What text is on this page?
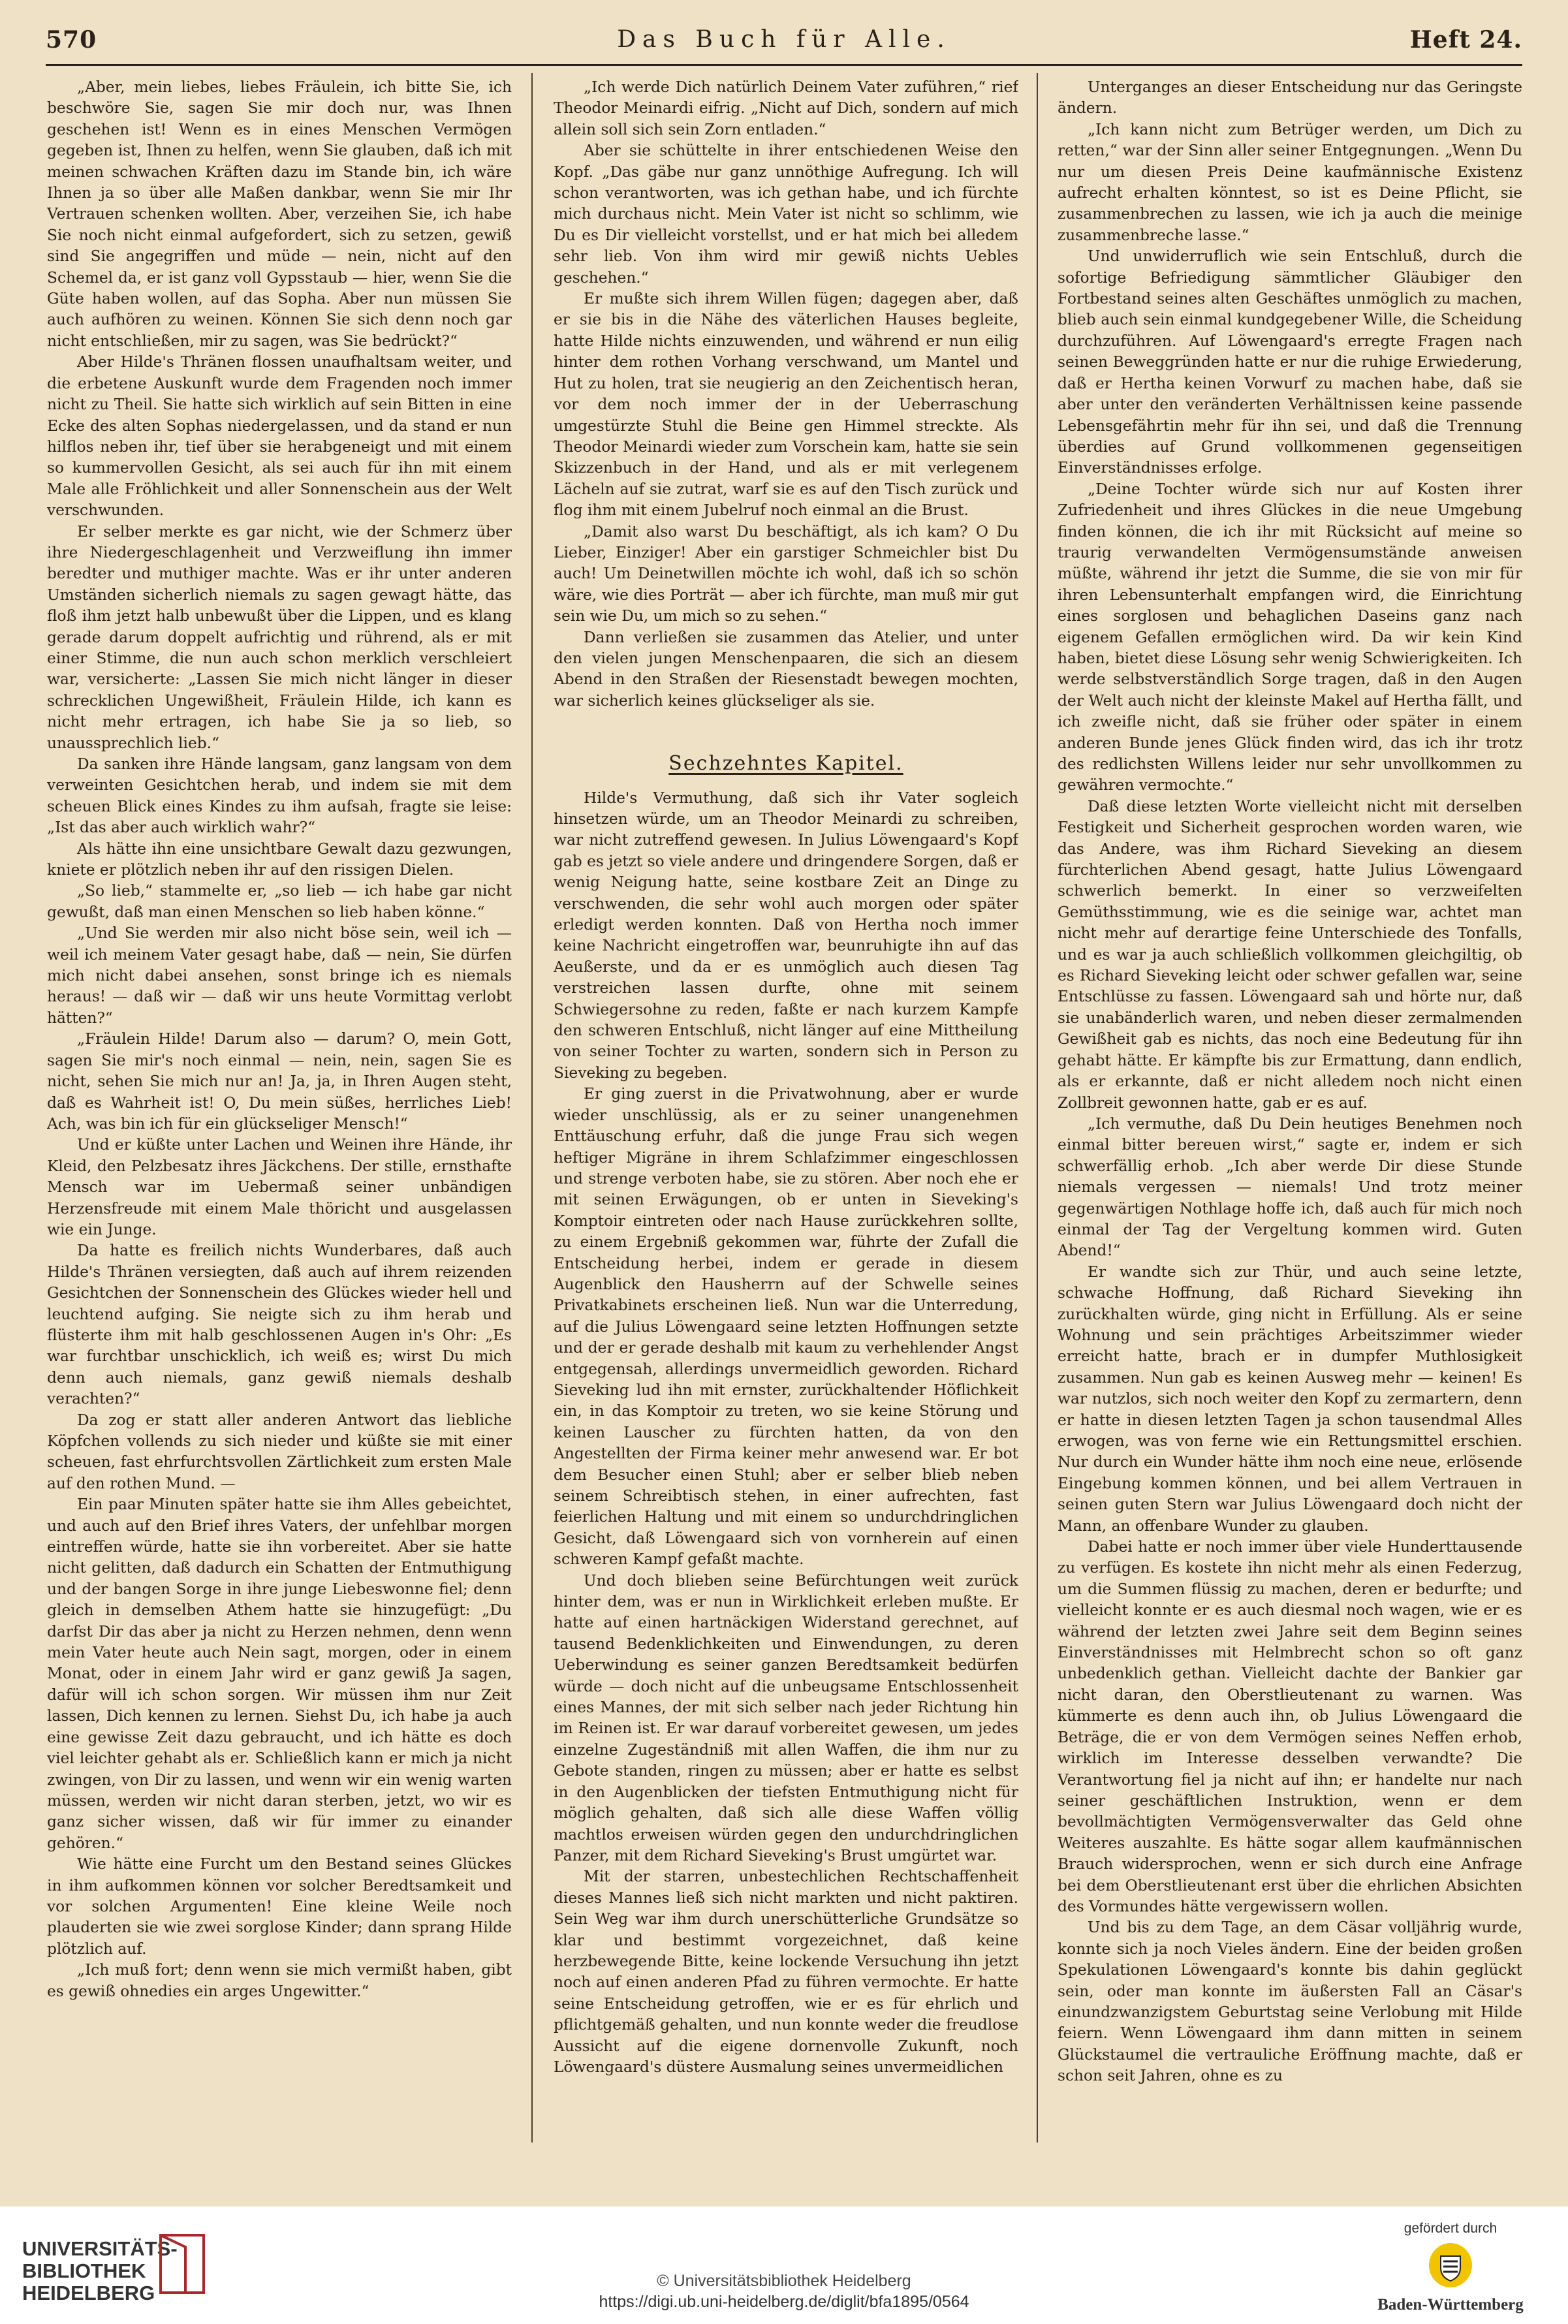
570	Das Buch für Alle.	Heft 24.

„Aber, mein liebes, liebes Fräulein, ich bitte Sie, ich beschwöre Sie, sagen Sie mir doch nur, was Ihnen geschehen ist! Wenn es in eines Menschen Vermögen gegeben ist, Ihnen zu helfen, wenn Sie glauben, daß ich mit meinen schwachen Kräften dazu im Stande bin, ich wäre Ihnen ja so über alle Maßen dankbar, wenn Sie mir Ihr Vertrauen schenken wollten. Aber, verzeihen Sie, ich habe Sie noch nicht einmal aufgefordert, sich zu setzen, gewiß sind Sie angegriffen und müde — nein, nicht auf den Schemel da, er ist ganz voll Gypsstaub — hier, wenn Sie die Güte haben wollen, auf das Sopha. Aber nun müssen Sie auch aufhören zu weinen. Können Sie sich denn noch gar nicht entschließen, mir zu sagen, was Sie bedrückt?“

Aber Hilde's Thränen flossen unaufhaltsam weiter, und die erbetene Auskunft wurde dem Fragenden noch immer nicht zu Theil. Sie hatte sich wirklich auf sein Bitten in eine Ecke des alten Sophas niedergelassen, und da stand er nun hilflos neben ihr, tief über sie herabgeneigt und mit einem so kummervollen Gesicht, als sei auch für ihn mit einem Male alle Fröhlichkeit und aller Sonnenschein aus der Welt verschwunden.

Er selber merkte es gar nicht, wie der Schmerz über ihre Niedergeschlagenheit und Verzweiflung ihn immer beredter und muthiger machte. Was er ihr unter anderen Umständen sicherlich niemals zu sagen gewagt hätte, das floß ihm jetzt halb unbewußt über die Lippen, und es klang gerade darum doppelt aufrichtig und rührend, als er mit einer Stimme, die nun auch schon merklich verschleiert war, versicherte: „Lassen Sie mich nicht länger in dieser schrecklichen Ungewißheit, Fräulein Hilde, ich kann es nicht mehr ertragen, ich habe Sie ja so lieb, so unaussprechlich lieb.“

Da sanken ihre Hände langsam, ganz langsam von dem verweinten Gesichtchen herab, und indem sie mit dem scheuen Blick eines Kindes zu ihm aufsah, fragte sie leise: „Ist das aber auch wirklich wahr?“

Als hätte ihn eine unsichtbare Gewalt dazu gezwungen, kniete er plötzlich neben ihr auf den rissigen Dielen.

„So lieb,“ stammelte er, „so lieb — ich habe gar nicht gewußt, daß man einen Menschen so lieb haben könne.“

„Und Sie werden mir also nicht böse sein, weil ich — weil ich meinem Vater gesagt habe, daß — nein, Sie dürfen mich nicht dabei ansehen, sonst bringe ich es niemals heraus! — daß wir — daß wir uns heute Vormittag verlobt hätten?“

„Fräulein Hilde! Darum also — darum? O, mein Gott, sagen Sie mir's noch einmal — nein, nein, sagen Sie es nicht, sehen Sie mich nur an! Ja, ja, in Ihren Augen steht, daß es Wahrheit ist! O, Du mein süßes, herrliches Lieb! Ach, was bin ich für ein glückseliger Mensch!“

Und er küßte unter Lachen und Weinen ihre Hände, ihr Kleid, den Pelzbesatz ihres Jäckchens. Der stille, ernsthafte Mensch war im Uebermaß seiner unbändigen Herzensfreude mit einem Male thöricht und ausgelassen wie ein Junge.

Da hatte es freilich nichts Wunderbares, daß auch Hilde's Thränen versiegten, daß auch auf ihrem reizenden Gesichtchen der Sonnenschein des Glückes wieder hell und leuchtend aufging. Sie neigte sich zu ihm herab und flüsterte ihm mit halb geschlossenen Augen in's Ohr: „Es war furchtbar unschicklich, ich weiß es; wirst Du mich denn auch niemals, ganz gewiß niemals deshalb verachten?“

Da zog er statt aller anderen Antwort das liebliche Köpfchen vollends zu sich nieder und küßte sie mit einer scheuen, fast ehrfurchtsvollen Zärtlichkeit zum ersten Male auf den rothen Mund. —

Ein paar Minuten später hatte sie ihm Alles gebeichtet, und auch auf den Brief ihres Vaters, der unfehlbar morgen eintreffen würde, hatte sie ihn vorbereitet. Aber sie hatte nicht gelitten, daß dadurch ein Schatten der Entmuthigung und der bangen Sorge in ihre junge Liebeswonne fiel; denn gleich in demselben Athem hatte sie hinzugefügt: „Du darfst Dir das aber ja nicht zu Herzen nehmen, denn wenn mein Vater heute auch Nein sagt, morgen, oder in einem Monat, oder in einem Jahr wird er ganz gewiß Ja sagen, dafür will ich schon sorgen. Wir müssen ihm nur Zeit lassen, Dich kennen zu lernen. Siehst Du, ich habe ja auch eine gewisse Zeit dazu gebraucht, und ich hätte es doch viel leichter gehabt als er. Schließlich kann er mich ja nicht zwingen, von Dir zu lassen, und wenn wir ein wenig warten müssen, werden wir nicht daran sterben, jetzt, wo wir es ganz sicher wissen, daß wir für immer zu einander gehören.“

Wie hätte eine Furcht um den Bestand seines Glückes in ihm aufkommen können vor solcher Beredtsamkeit und vor solchen Argumenten! Eine kleine Weile noch plauderten sie wie zwei sorglose Kinder; dann sprang Hilde plötzlich auf.

„Ich muß fort; denn wenn sie mich vermißt haben, gibt es gewiß ohnedies ein arges Ungewitter.“

„Ich werde Dich natürlich Deinem Vater zuführen,“ rief Theodor Meinardi eifrig. „Nicht auf Dich, sondern auf mich allein soll sich sein Zorn entladen.“

Aber sie schüttelte in ihrer entschiedenen Weise den Kopf. „Das gäbe nur ganz unnöthige Aufregung. Ich will schon verantworten, was ich gethan habe, und ich fürchte mich durchaus nicht. Mein Vater ist nicht so schlimm, wie Du es Dir vielleicht vorstellst, und er hat mich bei alledem sehr lieb. Von ihm wird mir gewiß nichts Uebles geschehen.“

Er mußte sich ihrem Willen fügen; dagegen aber, daß er sie bis in die Nähe des väterlichen Hauses begleite, hatte Hilde nichts einzuwenden, und während er nun eilig hinter dem rothen Vorhang verschwand, um Mantel und Hut zu holen, trat sie neugierig an den Zeichentisch heran, vor dem noch immer der in der Ueberraschung umgestürzte Stuhl die Beine gen Himmel streckte. Als Theodor Meinardi wieder zum Vorschein kam, hatte sie sein Skizzenbuch in der Hand, und als er mit verlegenem Lächeln auf sie zutrat, warf sie es auf den Tisch zurück und flog ihm mit einem Jubelruf noch einmal an die Brust.

„Damit also warst Du beschäftigt, als ich kam? O Du Lieber, Einziger! Aber ein garstiger Schmeichler bist Du auch! Um Deinetwillen möchte ich wohl, daß ich so schön wäre, wie dies Porträt — aber ich fürchte, man muß mir gut sein wie Du, um mich so zu sehen.“

Dann verließen sie zusammen das Atelier, und unter den vielen jungen Menschenpaaren, die sich an diesem Abend in den Straßen der Riesenstadt bewegen mochten, war sicherlich keines glückseliger als sie.

Sechzehntes Kapitel.

Hilde's Vermuthung, daß sich ihr Vater sogleich hinsetzen würde, um an Theodor Meinardi zu schreiben, war nicht zutreffend gewesen. In Julius Löwengaard's Kopf gab es jetzt so viele andere und dringendere Sorgen, daß er wenig Neigung hatte, seine kostbare Zeit an Dinge zu verschwenden, die sehr wohl auch morgen oder später erledigt werden konnten. Daß von Hertha noch immer keine Nachricht eingetroffen war, beunruhigte ihn auf das Aeußerste, und da er es unmöglich auch diesen Tag verstreichen lassen durfte, ohne mit seinem Schwiegersohne zu reden, faßte er nach kurzem Kampfe den schweren Entschluß, nicht länger auf eine Mittheilung von seiner Tochter zu warten, sondern sich in Person zu Sieveking zu begeben.

Er ging zuerst in die Privatwohnung, aber er wurde wieder unschlüssig, als er zu seiner unangenehmen Enttäuschung erfuhr, daß die junge Frau sich wegen heftiger Migräne in ihrem Schlafzimmer eingeschlossen und strenge verboten habe, sie zu stören. Aber noch ehe er mit seinen Erwägungen, ob er unten in Sieveking's Komptoir eintreten oder nach Hause zurückkehren sollte, zu einem Ergebniß gekommen war, führte der Zufall die Entscheidung herbei, indem er gerade in diesem Augenblick den Hausherrn auf der Schwelle seines Privatkabinets erscheinen ließ. Nun war die Unterredung, auf die Julius Löwengaard seine letzten Hoffnungen setzte und der er gerade deshalb mit kaum zu verhehlender Angst entgegensah, allerdings unvermeidlich geworden. Richard Sieveking lud ihn mit ernster, zurückhaltender Höflichkeit ein, in das Komptoir zu treten, wo sie keine Störung und keinen Lauscher zu fürchten hatten, da von den Angestellten der Firma keiner mehr anwesend war. Er bot dem Besucher einen Stuhl; aber er selber blieb neben seinem Schreibtisch stehen, in einer aufrechten, fast feierlichen Haltung und mit einem so undurchdringlichen Gesicht, daß Löwengaard sich von vornherein auf einen schweren Kampf gefaßt machte.

Und doch blieben seine Befürchtungen weit zurück hinter dem, was er nun in Wirklichkeit erleben mußte. Er hatte auf einen hartnäckigen Widerstand gerechnet, auf tausend Bedenklichkeiten und Einwendungen, zu deren Ueberwindung es seiner ganzen Beredtsamkeit bedürfen würde — doch nicht auf die unbeugsame Entschlossenheit eines Mannes, der mit sich selber nach jeder Richtung hin im Reinen ist. Er war darauf vorbereitet gewesen, um jedes einzelne Zugeständniß mit allen Waffen, die ihm nur zu Gebote standen, ringen zu müssen; aber er hatte es selbst in den Augenblicken der tiefsten Entmuthigung nicht für möglich gehalten, daß sich alle diese Waffen völlig machtlos erweisen würden gegen den undurchdringlichen Panzer, mit dem Richard Sieveking's Brust umgürtet war.

Mit der starren, unbestechlichen Rechtschaffenheit dieses Mannes ließ sich nicht markten und nicht paktiren. Sein Weg war ihm durch unerschütterliche Grundsätze so klar und bestimmt vorgezeichnet, daß keine herzbewegende Bitte, keine lockende Versuchung ihn jetzt noch auf einen anderen Pfad zu führen vermochte. Er hatte seine Entscheidung getroffen, wie er es für ehrlich und pflichtgemäß gehalten, und nun konnte weder die freudlose Aussicht auf die eigene dornenvolle Zukunft, noch Löwengaard's düstere Ausmalung seines unvermeidlichen

Unterganges an dieser Entscheidung nur das Geringste ändern.

„Ich kann nicht zum Betrüger werden, um Dich zu retten,“ war der Sinn aller seiner Entgegnungen. „Wenn Du nur um diesen Preis Deine kaufmännische Existenz aufrecht erhalten könntest, so ist es Deine Pflicht, sie zusammenbrechen zu lassen, wie ich ja auch die meinige zusammenbreche lasse.“

Und unwiderruflich wie sein Entschluß, durch die sofortige Befriedigung sämmtlicher Gläubiger den Fortbestand seines alten Geschäftes unmöglich zu machen, blieb auch sein einmal kundgegebener Wille, die Scheidung durchzuführen. Auf Löwengaard's erregte Fragen nach seinen Beweggründen hatte er nur die ruhige Erwiederung, daß er Hertha keinen Vorwurf zu machen habe, daß sie aber unter den veränderten Verhältnissen keine passende Lebensgefährtin mehr für ihn sei, und daß die Trennung überdies auf Grund vollkommenen gegenseitigen Einverständnisses erfolge.

„Deine Tochter würde sich nur auf Kosten ihrer Zufriedenheit und ihres Glückes in die neue Umgebung finden können, die ich ihr mit Rücksicht auf meine so traurig verwandelten Vermögensumstände anweisen müßte, während ihr jetzt die Summe, die sie von mir für ihren Lebensunterhalt empfangen wird, die Einrichtung eines sorglosen und behaglichen Daseins ganz nach eigenem Gefallen ermöglichen wird. Da wir kein Kind haben, bietet diese Lösung sehr wenig Schwierigkeiten. Ich werde selbstverständlich Sorge tragen, daß in den Augen der Welt auch nicht der kleinste Makel auf Hertha fällt, und ich zweifle nicht, daß sie früher oder später in einem anderen Bunde jenes Glück finden wird, das ich ihr trotz des redlichsten Willens leider nur sehr unvollkommen zu gewähren vermochte.“

Daß diese letzten Worte vielleicht nicht mit derselben Festigkeit und Sicherheit gesprochen worden waren, wie das Andere, was ihm Richard Sieveking an diesem fürchterlichen Abend gesagt, hatte Julius Löwengaard schwerlich bemerkt. In einer so verzweifelten Gemüthsstimmung, wie es die seinige war, achtet man nicht mehr auf derartige feine Unterschiede des Tonfalls, und es war ja auch schließlich vollkommen gleichgiltig, ob es Richard Sieveking leicht oder schwer gefallen war, seine Entschlüsse zu fassen. Löwengaard sah und hörte nur, daß sie unabänderlich waren, und neben dieser zermalmenden Gewißheit gab es nichts, das noch eine Bedeutung für ihn gehabt hätte. Er kämpfte bis zur Ermattung, dann endlich, als er erkannte, daß er nicht alledem noch nicht einen Zollbreit gewonnen hatte, gab er es auf.

„Ich vermuthe, daß Du Dein heutiges Benehmen noch einmal bitter bereuen wirst,“ sagte er, indem er sich schwerfällig erhob. „Ich aber werde Dir diese Stunde niemals vergessen — niemals! Und trotz meiner gegenwärtigen Nothlage hoffe ich, daß auch für mich noch einmal der Tag der Vergeltung kommen wird. Guten Abend!“

Er wandte sich zur Thür, und auch seine letzte, schwache Hoffnung, daß Richard Sieveking ihn zurückhalten würde, ging nicht in Erfüllung. Als er seine Wohnung und sein prächtiges Arbeitszimmer wieder erreicht hatte, brach er in dumpfer Muthlosigkeit zusammen. Nun gab es keinen Ausweg mehr — keinen! Es war nutzlos, sich noch weiter den Kopf zu zermartern, denn er hatte in diesen letzten Tagen ja schon tausendmal Alles erwogen, was von ferne wie ein Rettungsmittel erschien. Nur durch ein Wunder hätte ihm noch eine neue, erlösende Eingebung kommen können, und bei allem Vertrauen in seinen guten Stern war Julius Löwengaard doch nicht der Mann, an offenbare Wunder zu glauben.

Dabei hatte er noch immer über viele Hunderttausende zu verfügen. Es kostete ihn nicht mehr als einen Federzug, um die Summen flüssig zu machen, deren er bedurfte; und vielleicht konnte er es auch diesmal noch wagen, wie er es während der letzten zwei Jahre seit dem Beginn seines Einverständnisses mit Helmbrecht schon so oft ganz unbedenklich gethan. Vielleicht dachte der Bankier gar nicht daran, den Oberstlieutenant zu warnen. Was kümmerte es denn auch ihn, ob Julius Löwengaard die Beträge, die er von dem Vermögen seines Neffen erhob, wirklich im Interesse desselben verwandte? Die Verantwortung fiel ja nicht auf ihn; er handelte nur nach seiner geschäftlichen Instruktion, wenn er dem bevollmächtigten Vermögensverwalter das Geld ohne Weiteres auszahlte. Es hätte sogar allem kaufmännischen Brauch widersprochen, wenn er sich durch eine Anfrage bei dem Oberstlieutenant erst über die ehrlichen Absichten des Vormundes hätte vergewissern wollen.

Und bis zu dem Tage, an dem Cäsar volljährig wurde, konnte sich ja noch Vieles ändern. Eine der beiden großen Spekulationen Löwengaard's konnte bis dahin geglückt sein, oder man konnte im äußersten Fall an Cäsar's einundzwanzigstem Geburtstag seine Verlobung mit Hilde feiern. Wenn Löwengaard ihm dann mitten in seinem Glückstaumel die vertrauliche Eröffnung machte, daß er schon seit Jahren, ohne es zu

UNIVERSITÄTS- BIBLIOTHEK HEIDELBERG
© Universitätsbibliothek Heidelberg
https://digi.ub.uni-heidelberg.de/diglit/bfa1895/0564
gefördert durch
Baden-Württemberg
